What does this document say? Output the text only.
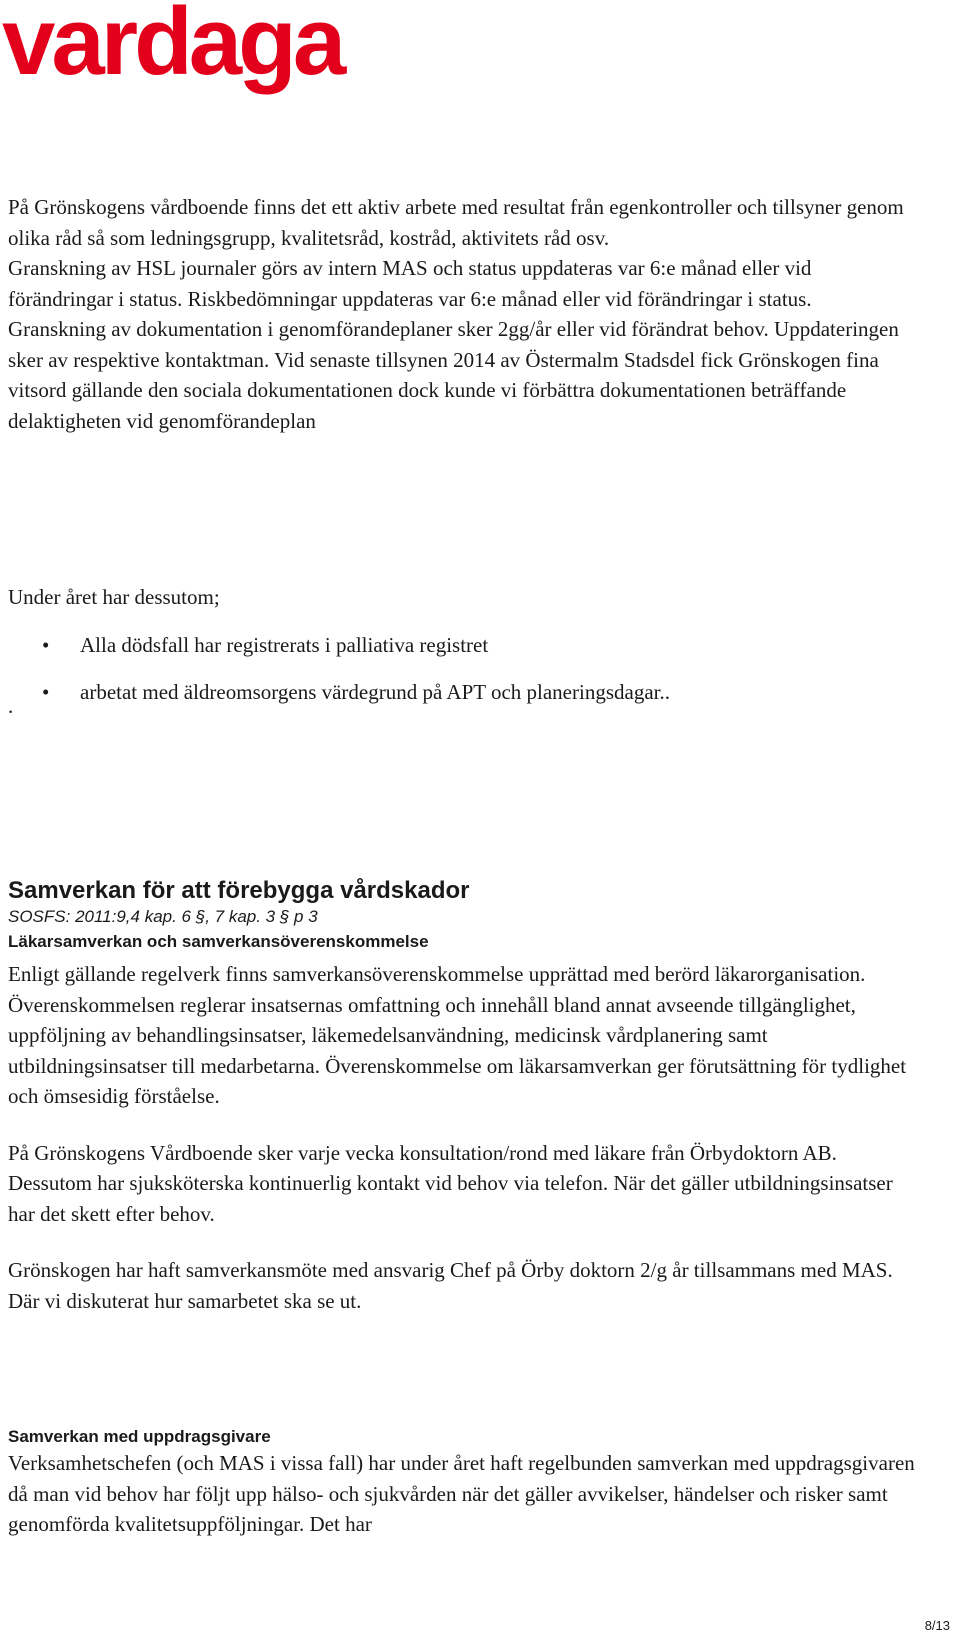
vardaga

På Grönskogens vårdboende finns det ett aktiv arbete med resultat från egenkontroller och tillsyner genom olika råd så som ledningsgrupp, kvalitetsråd, kostråd, aktivitets råd osv.

Granskning av HSL journaler görs av intern MAS och status uppdateras var 6:e månad eller vid förändringar i status. Riskbedömningar uppdateras var 6:e månad eller vid förändringar i status.

Granskning av dokumentation i genomförandeplaner sker 2gg/år eller vid förändrat behov. Uppdateringen sker av respektive kontaktman. Vid senaste tillsynen 2014 av Östermalm Stadsdel fick Grönskogen fina vitsord gällande den sociala dokumentationen dock kunde vi förbättra dokumentationen beträffande delaktigheten vid genomförandeplan

Under året har dessutom;

• Alla dödsfall har registrerats i palliativa registret
• arbetat med äldreomsorgens värdegrund på APT och planeringsdagar..
.

Samverkan för att förebygga vårdskador

SOSFS: 2011:9,4 kap. 6 §, 7 kap. 3 § p 3

Läkarsamverkan och samverkansöverenskommelse

Enligt gällande regelverk finns samverkansöverenskommelse upprättad med berörd läkarorganisation. Överenskommelsen reglerar insatsernas omfattning och innehåll bland annat avseende tillgänglighet, uppföljning av behandlingsinsatser, läkemedelsanvändning, medicinsk vårdplanering samt utbildningsinsatser till medarbetarna. Överenskommelse om läkarsamverkan ger förutsättning för tydlighet och ömsesidig förståelse.

På Grönskogens Vårdboende sker varje vecka konsultation/rond med läkare från Örbydoktorn AB. Dessutom har sjuksköterska kontinuerlig kontakt vid behov via telefon. När det gäller utbildningsinsatser har det skett efter behov.

Grönskogen har haft samverkansmöte med ansvarig Chef på Örby doktorn 2/g år tillsammans med MAS. Där vi diskuterat hur samarbetet ska se ut.

Samverkan med uppdragsgivare

Verksamhetschefen (och MAS i vissa fall) har under året haft regelbunden samverkan med uppdragsgivaren då man vid behov har följt upp hälso- och sjukvården när det gäller avvikelser, händelser och risker samt genomförda kvalitetsuppföljningar. Det har

8/13
